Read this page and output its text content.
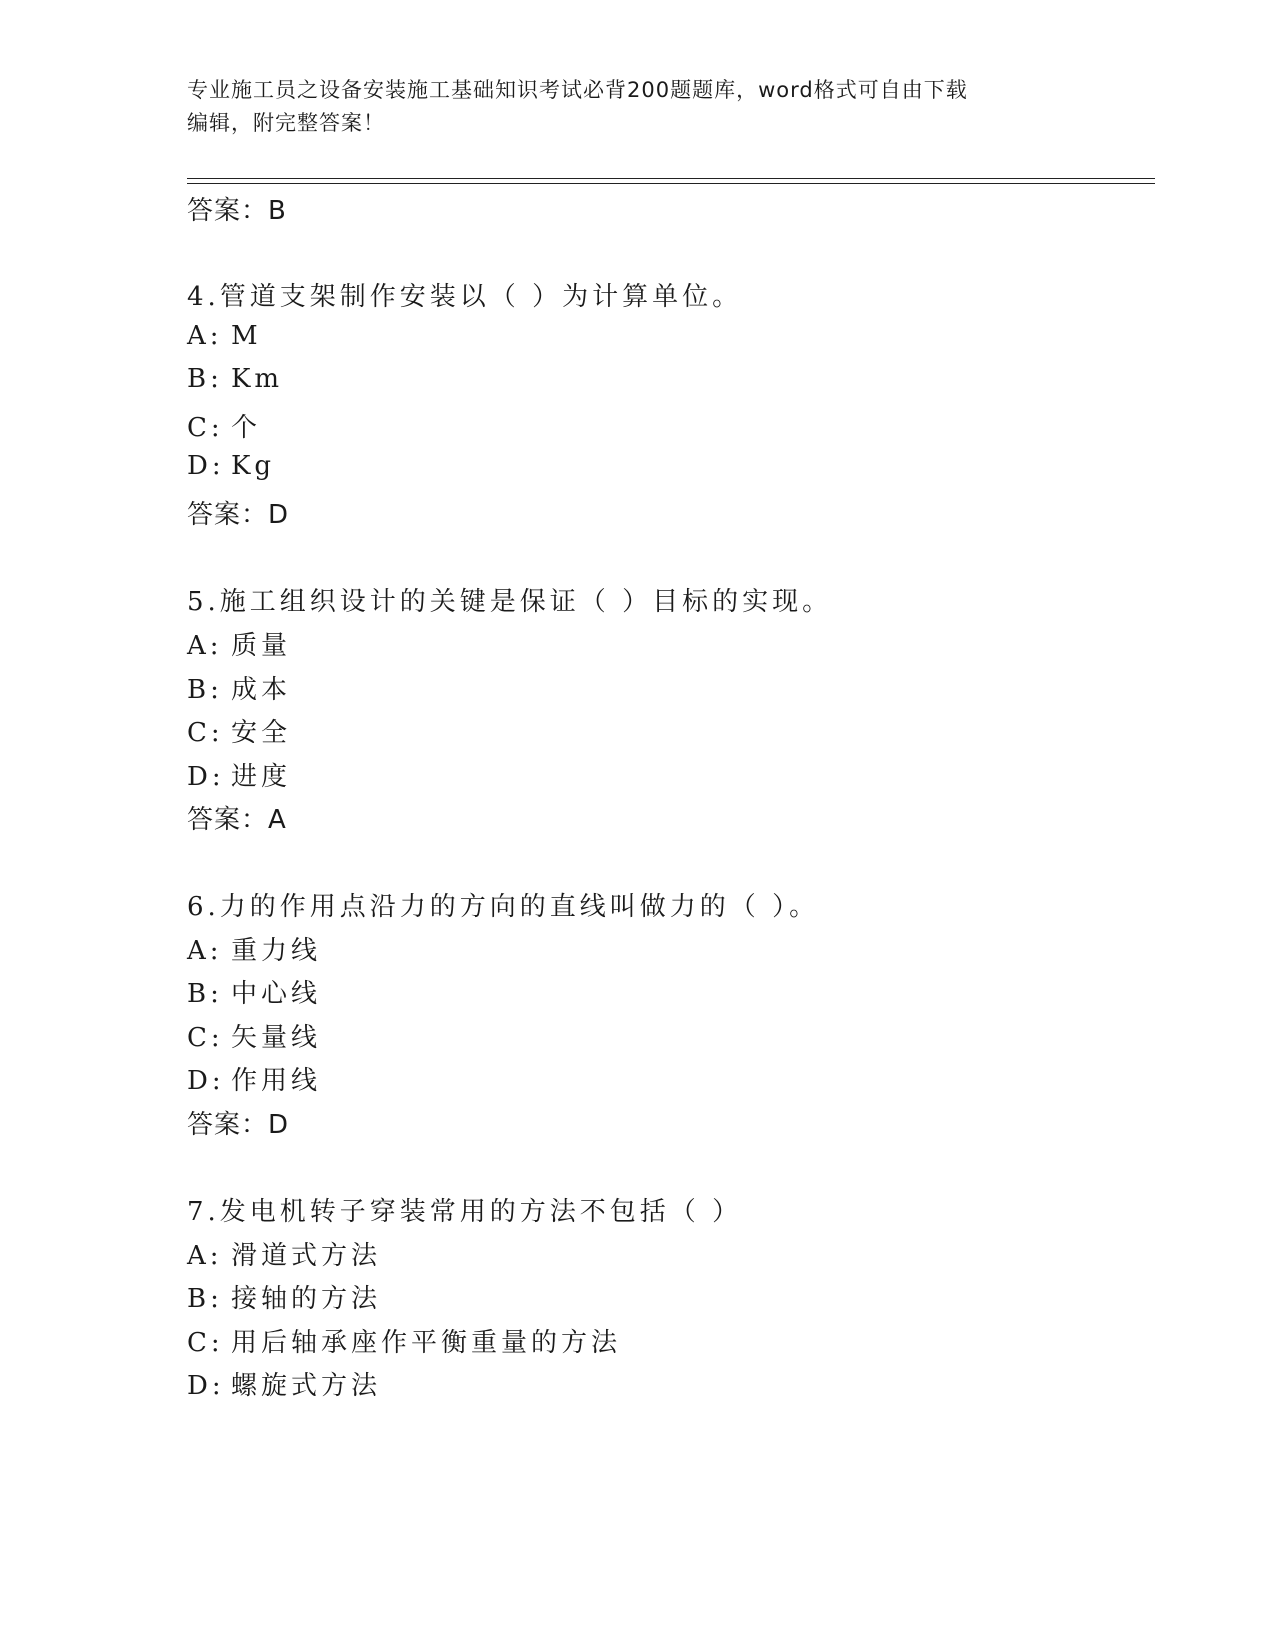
专业施工员之设备安装施工基础知识考试必背200题题库，word格式可自由下载
编辑，附完整答案！
答案：B
4.管道支架制作安装以（ ）为计算单位。
A: M
B: Km
C: 个
D: Kg
答案：D
5.施工组织设计的关键是保证（ ）目标的实现。
A: 质量
B: 成本
C: 安全
D: 进度
答案：A
6.力的作用点沿力的方向的直线叫做力的（ ）。
A: 重力线
B: 中心线
C: 矢量线
D: 作用线
答案：D
7.发电机转子穿装常用的方法不包括（ ）
A: 滑道式方法
B: 接轴的方法
C: 用后轴承座作平衡重量的方法
D: 螺旋式方法
